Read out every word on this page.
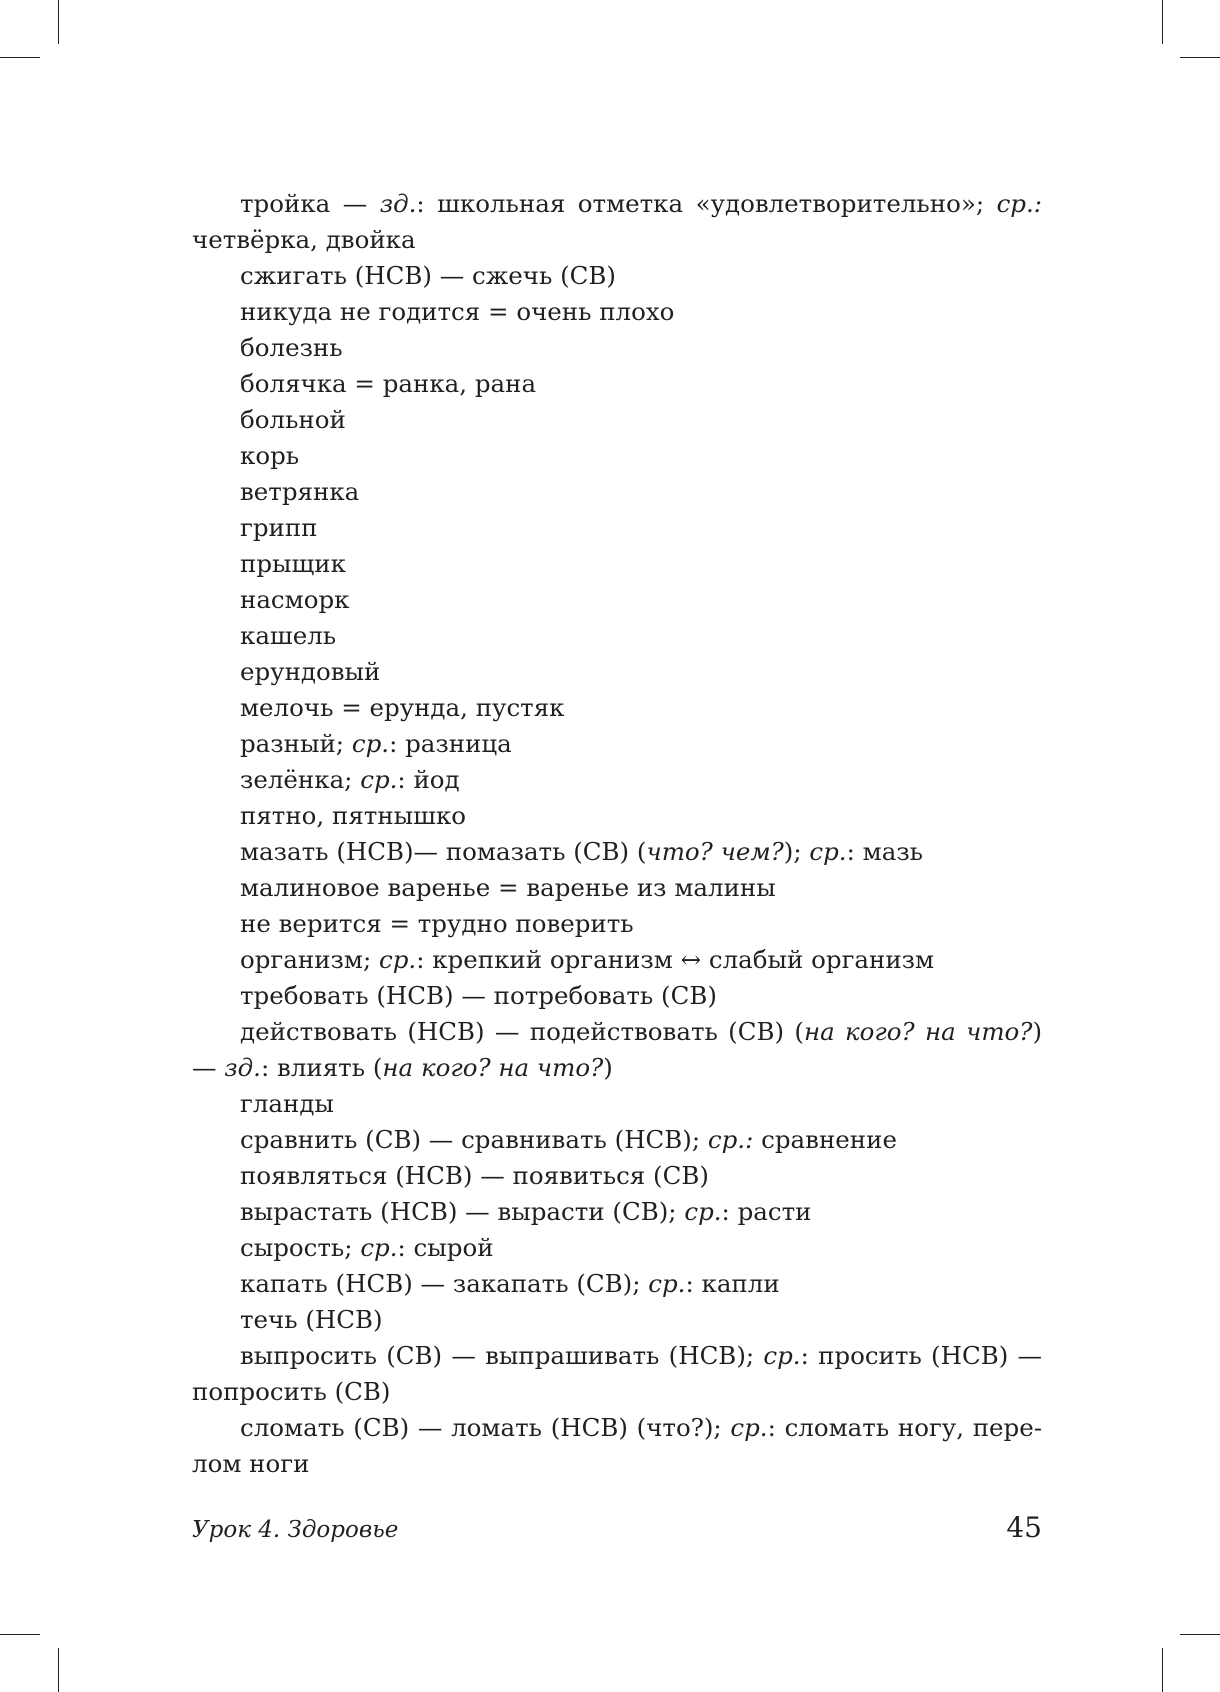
тройка — зд.: школьная отметка «удовлетворительно»; ср.: четвёрка, двойка

сжигать (НСВ) — сжечь (СВ)

никуда не годится = очень плохо

болезнь

болячка = ранка, рана

больной

корь

ветрянка

грипп

прыщик

насморк

кашель

ерундовый

мелочь = ерунда, пустяк

разный; ср.: разница

зелёнка; ср.: йод

пятно, пятнышко

мазать (НСВ)— помазать (СВ) (что? чем?); ср.: мазь

малиновое варенье = варенье из малины

не верится = трудно поверить

организм; ср.: крепкий организм ↔ слабый организм

требовать (НСВ) — потребовать (СВ)

действовать (НСВ) — подействовать (СВ) (на кого? на что?) — зд.: влиять (на кого? на что?)

гланды

сравнить (СВ) — сравнивать (НСВ); ср.: сравнение

появляться (НСВ) — появиться (СВ)

вырастать (НСВ) — вырасти (СВ); ср.: расти

сырость; ср.: сырой

капать (НСВ) — закапать (СВ); ср.: капли

течь (НСВ)

выпросить (СВ) — выпрашивать (НСВ); ср.: просить (НСВ) — попросить (СВ)

сломать (СВ) — ломать (НСВ) (что?); ср.: сломать ногу, перелом ноги

Урок 4. Здоровье	45
